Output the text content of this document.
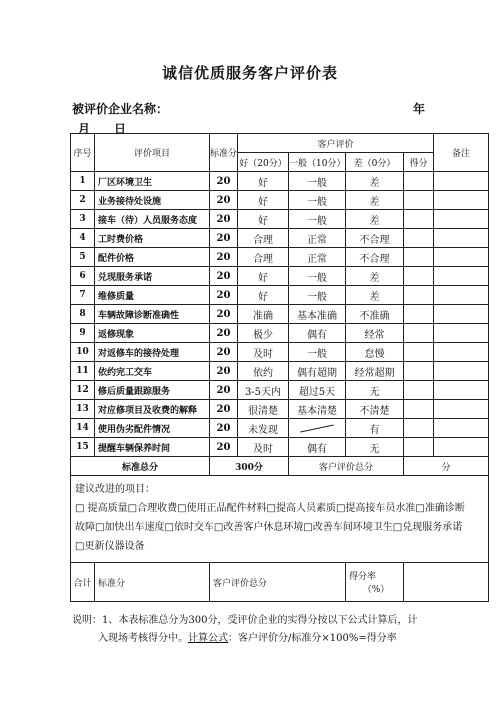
诚信优质服务客户评价表
被评价企业名称：	年
月 日
序号	评价项目	标准分	客户评价				备注
			好（20分）	一般（10分）	差（0分）	得分	
1	厂区环境卫生	20	好	一般	差		
2	业务接待处设施	20	好	一般	差		
3	接车（待）人员服务态度	20	好	一般	差		
4	工时费价格	20	合理	正常	不合理		
5	配件价格	20	合理	正常	不合理		
6	兑现服务承诺	20	好	一般	差		
7	维修质量	20	好	一般	差		
8	车辆故障诊断准确性	20	准确	基本准确	不准确		
9	返修现象	20	极少	偶有	经常		
10	对返修车的接待处理	20	及时	一般	怠慢		
11	依约完工交车	20	依约	偶有超期	经常超期		
12	修后质量跟踪服务	20	3-5天内	超过5天	无		
13	对应修项目及收费的解释	20	很清楚	基本清楚	不清楚		
14	使用伪劣配件情况	20	未发现		有		
15	提醒车辆保养时间	20	及时	偶有	无		
标准总分		300分		客户评价总分		分	

建议改进的项目：
□ 提高质量□合理收费□使用正品配件材料□提高人员素质□提高接车员水准□准确诊断
故障□加快出车速度□依时交车□改善客户休息环境□改善车间环境卫生□兑现服务承诺
□更新仪器设备							

合计	标准分	客户评价总分			得分率
（%）		

说明：1、本表标准总分为300分，受评价企业的实得分按以下公式计算后，计
入现场考核得分中。计算公式：客户评价分/标准分×100%=得分率
